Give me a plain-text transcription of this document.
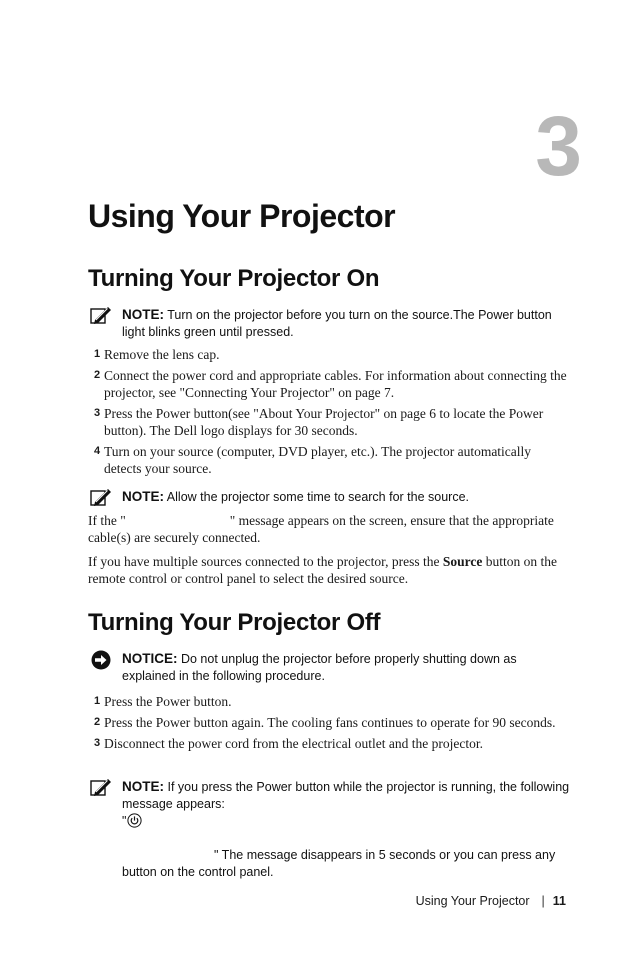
3
Using Your Projector
Turning Your Projector On
NOTE: Turn on the projector before you turn on the source.The Power button light blinks green until pressed.
1 Remove the lens cap.
2 Connect the power cord and appropriate cables. For information about connecting the projector, see "Connecting Your Projector" on page 7.
3 Press the Power button(see "About Your Projector" on page 6 to locate the Power button). The Dell logo displays for 30 seconds.
4 Turn on your source (computer, DVD player, etc.). The projector automatically detects your source.
NOTE: Allow the projector some time to search for the source.
If the "	" message appears on the screen, ensure that the appropriate cable(s) are securely connected.
If you have multiple sources connected to the projector, press the Source button on the remote control or control panel to select the desired source.
Turning Your Projector Off
NOTICE: Do not unplug the projector before properly shutting down as explained in the following procedure.
1 Press the Power button.
2 Press the Power button again. The cooling fans continues to operate for 90 seconds.
3 Disconnect the power cord from the electrical outlet and the projector.
NOTE: If you press the Power button while the projector is running, the following message appears:
"
" The message disappears in 5 seconds or you can press any button on the control panel.
Using Your Projector | 11
